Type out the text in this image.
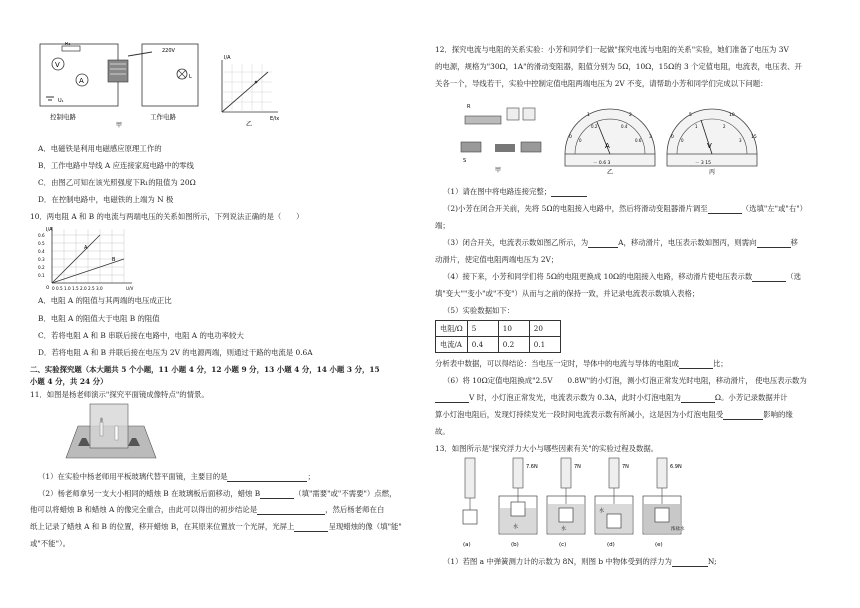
V
A
R₁
U₁
220V
L
控制电路	工作电路
甲
I/A
E/lx
乙
A．电磁铁是利用电磁感应原理工作的
B．工作电路中导线 A 应连接家庭电路中的零线
C．由图乙可知在该光照强度下R₁的阻值为 20Ω
D．在控制电路中，电磁铁的上端为 N 极
10．两电阻 A 和 B 的电流与两端电压的关系如图所示，下列说法正确的是（　　）
A
B
I/A
0.6
0.5
0.4
0.3
0.2
0.1
O 0 0.5 1.0 1.5 2.0 2.5 3.0	U/V
A．电阻 A 的阻值与其两端的电压成正比
B．电阻 A 的阻值大于电阻 B 的阻值
C．若将电阻 A 和 B 串联后接在电路中，电阻 A 的电功率较大
D．若将电阻 A 和 B 并联后接在电压为 2V 的电源两端，则通过干路的电流是 0.6A
二、实验探究题（本大题共 5 个小题，11 小题 4 分，12 小题 9 分，13 小题 4 分，14 小题 3 分，15
小题 4 分，共 24 分）
11．如图是杨老师演示"探究平面镜成像特点"的情景。
（1）在实验中杨老师用平板玻璃代替平面镜，主要目的是	；
（2）杨老师拿另一支大小相同的蜡烛 B 在玻璃板后面移动，蜡烛 B	（填"需要"或"不需要"）点燃，
他可以将蜡烛 B 和蜡烛 A 的像完全重合，由此可以得出的初步结论是	，然后杨老师在白
纸上记录了蜡烛 A 和 B 的位置，移开蜡烛 B，在其原来位置放一个光屏，光屏上	呈现蜡烛的像（填"能"
或"不能"）。
12．探究电流与电阻的关系实验：小芳和同学们一起做"探究电流与电阻的关系"实验，她们准备了电压为 3V
的电源，规格为"30Ω，1A"的滑动变阻器，阻值分别为 5Ω，10Ω，15Ω的 3 个定值电阻，电流表，电压表、开
关各一个，导线若干，实验中控制定值电阻两端电压为 2V 不变，请帮助小芳和同学们完成以下问题：
R
S
甲
A
0
1	2
3
0
0.2	0.4
0.6
－ 0.6 3
乙
V
0
5	10
15
0
1	2
3
－ 3 15
丙
（1）请在图中将电路连接完整；
（2)小芳在闭合开关前，先将 5Ω的电阻接入电路中，然后将滑动变阻器滑片调至	（选填"左"或"右"）
端；
（3）闭合开关，电流表示数如图乙所示，为	A，移动滑片，电压表示数如图丙，则需向	移
动滑片，使定值电阻两端电压为 2V；
（4）接下来，小芳和同学们将 5Ω的电阻更换成 10Ω的电阻接入电路，移动滑片使电压表示数	（选
填"变大""变小"或"不变"）从而与之前的保持一致，并记录电流表示数填入表格；
（5）实验数据如下：
电阻/Ω	5	10	20
电流/A	0.4	0.2	0.1
分析表中数据，可以得结论：当电压一定时，导体中的电流与导体的电阻成	比；
（6）将 10Ω定值电阻换成"2.5V　　0.8W"的小灯泡，测小灯泡正常发光时电阻，移动滑片， 使电压表示数为
V 时，小灯泡正常发光，电流表示数为 0.3A，此时小灯泡电阻为	Ω。小芳记录数据并计
算小灯泡电阻后，发现灯持续发光一段时间电流表示数有所减小，这是因为小灯泡电阻受	影响的缘
故。
13．如图所示是"探究浮力大小与哪些因素有关"的实验过程及数据。
(a)
7.6N
水
(b)
7N
水
(c)
7N
水
(d)
6.9N
浓盐水
(e)
（1）若图 a 中弹簧测力计的示数为 8N，则图 b 中物体受到的浮力为	N;
